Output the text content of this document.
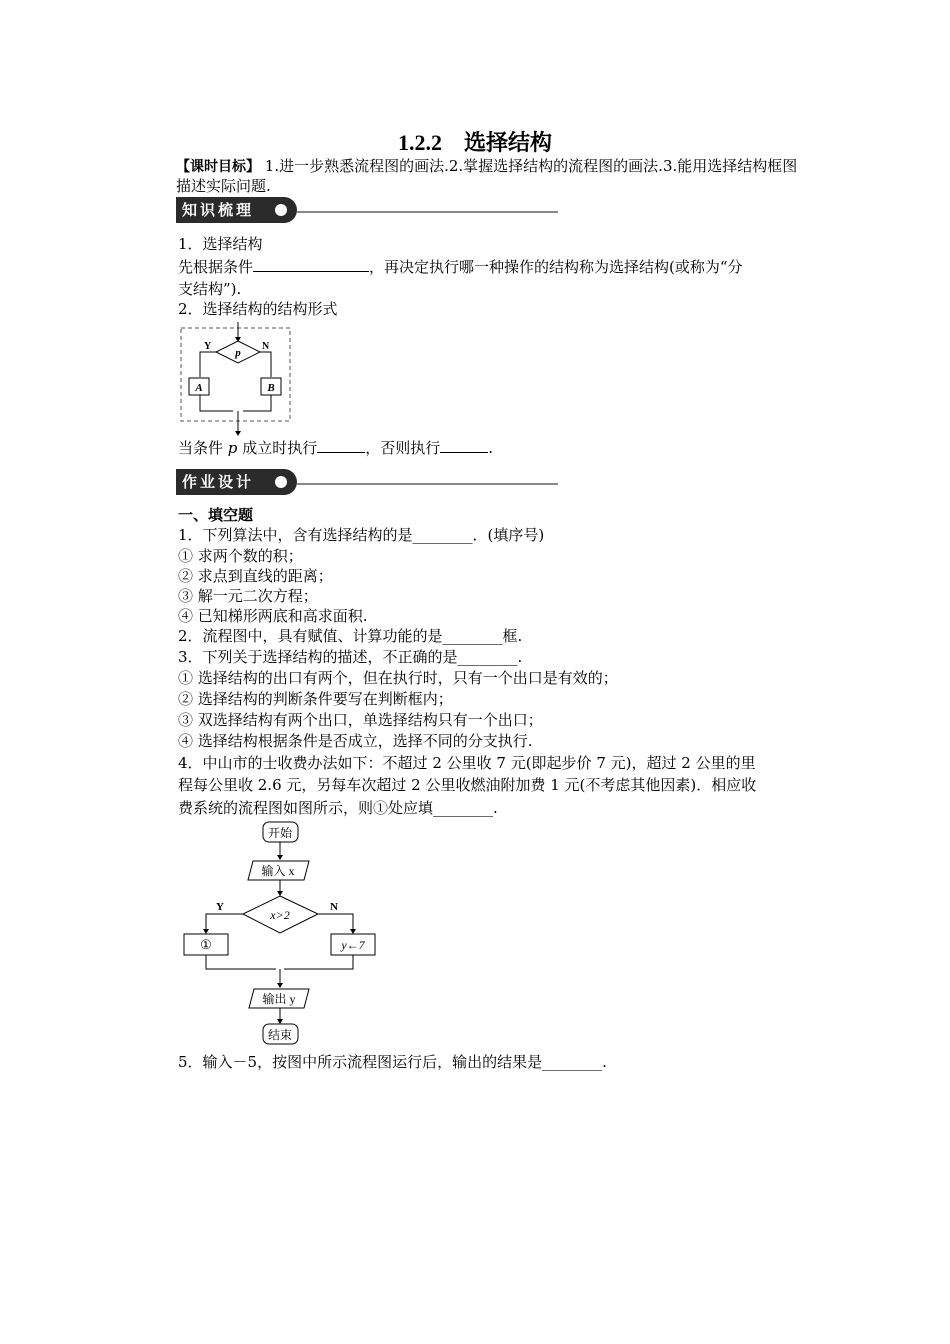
1.2.2　选择结构
【课时目标】 1.进一步熟悉流程图的画法.2.掌握选择结构的流程图的画法.3.能用选择结构框图描述实际问题.
知识梳理
1．选择结构
先根据条件	，再决定执行哪一种操作的结构称为选择结构(或称为“分
支结构”).
2．选择结构的结构形式
p
Y	N
A	B
当条件 p 成立时执行	，否则执行	.
作业设计
一、填空题
1．下列算法中，含有选择结构的是________．(填序号)
① 求两个数的积；
② 求点到直线的距离；
③ 解一元二次方程；
④ 已知梯形两底和高求面积.
2．流程图中，具有赋值、计算功能的是________框.
3．下列关于选择结构的描述，不正确的是________.
① 选择结构的出口有两个，但在执行时，只有一个出口是有效的；
② 选择结构的判断条件要写在判断框内；
③ 双选择结构有两个出口，单选择结构只有一个出口；
④ 选择结构根据条件是否成立，选择不同的分支执行.
4．中山市的士收费办法如下：不超过 2 公里收 7 元(即起步价 7 元)，超过 2 公里的里
程每公里收 2.6 元，另每车次超过 2 公里收燃油附加费 1 元(不考虑其他因素)．相应收
费系统的流程图如图所示，则①处应填________.
开始
输入 x
x>2
Y	N
①	y←7
输出 y
结束
5．输入－5，按图中所示流程图运行后，输出的结果是________.
